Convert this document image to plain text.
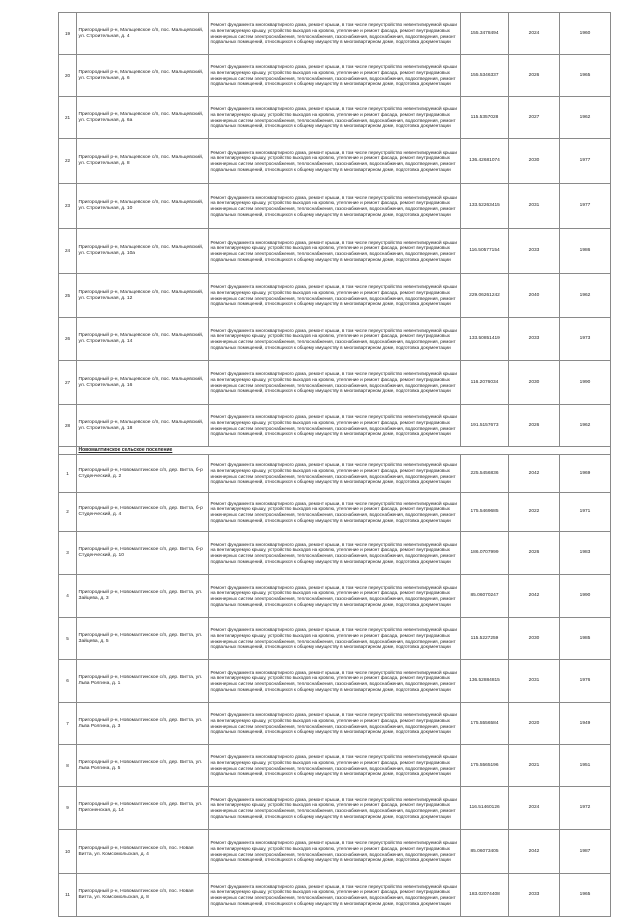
19	Пригородный р-н, Мальцевское с/п, пос. Мальцевский, ул. Строительная, д. 4	Ремонт фундамента многоквартирного дома, ремонт крыши, в том числе переустройство невентилируемой крыши на вентилируемую крышу, устройство выходов на кровлю, утепление и ремонт фасада, ремонт внутридомовых инженерных систем электроснабжения, теплоснабжения, газоснабжения, водоснабжения, водоотведения, ремонт подвальных помещений, относящихся к общему имуществу в многоквартирном доме, подготовка документации	155.3478494	2024	1960
20	Пригородный р-н, Мальцевское с/п, пос. Мальцевский, ул. Строительная, д. 6	Ремонт фундамента многоквартирного дома, ремонт крыши, в том числе переустройство невентилируемой крыши на вентилируемую крышу, устройство выходов на кровлю, утепление и ремонт фасада, ремонт внутридомовых инженерных систем электроснабжения, теплоснабжения, газоснабжения, водоснабжения, водоотведения, ремонт подвальных помещений, относящихся к общему имуществу в многоквартирном доме, подготовка документации	155.5346337	2026	1965
21	Пригородный р-н, Мальцевское с/п, пос. Мальцевский, ул. Строительная, д. 6а	Ремонт фундамента многоквартирного дома, ремонт крыши, в том числе переустройство невентилируемой крыши на вентилируемую крышу, устройство выходов на кровлю, утепление и ремонт фасада, ремонт внутридомовых инженерных систем электроснабжения, теплоснабжения, газоснабжения, водоснабжения, водоотведения, ремонт подвальных помещений, относящихся к общему имуществу в многоквартирном доме, подготовка документации	115.5357028	2027	1962
22	Пригородный р-н, Мальцевское с/п, пос. Мальцевский, ул. Строительная, д. 8	Ремонт фундамента многоквартирного дома, ремонт крыши, в том числе переустройство невентилируемой крыши на вентилируемую крышу, устройство выходов на кровлю, утепление и ремонт фасада, ремонт внутридомовых инженерных систем электроснабжения, теплоснабжения, газоснабжения, водоснабжения, водоотведения, ремонт подвальных помещений, относящихся к общему имуществу в многоквартирном доме, подготовка документации	136.42681074	2030	1977
23	Пригородный р-н, Мальцевское с/п, пос. Мальцевский, ул. Строительная, д. 10	Ремонт фундамента многоквартирного дома, ремонт крыши, в том числе переустройство невентилируемой крыши на вентилируемую крышу, устройство выходов на кровлю, утепление и ремонт фасада, ремонт внутридомовых инженерных систем электроснабжения, теплоснабжения, газоснабжения, водоснабжения, водоотведения, ремонт подвальных помещений, относящихся к общему имуществу в многоквартирном доме, подготовка документации	133.52263415	2031	1977
24	Пригородный р-н, Мальцевское с/п, пос. Мальцевский, ул. Строительная, д. 10а	Ремонт фундамента многоквартирного дома, ремонт крыши, в том числе переустройство невентилируемой крыши на вентилируемую крышу, устройство выходов на кровлю, утепление и ремонт фасада, ремонт внутридомовых инженерных систем электроснабжения, теплоснабжения, газоснабжения, водоснабжения, водоотведения, ремонт подвальных помещений, относящихся к общему имуществу в многоквартирном доме, подготовка документации	116.50577154	2033	1986
25	Пригородный р-н, Мальцевское с/п, пос. Мальцевский, ул. Строительная, д. 12	Ремонт фундамента многоквартирного дома, ремонт крыши, в том числе переустройство невентилируемой крыши на вентилируемую крышу, устройство выходов на кровлю, утепление и ремонт фасада, ремонт внутридомовых инженерных систем электроснабжения, теплоснабжения, газоснабжения, водоснабжения, водоотведения, ремонт подвальных помещений, относящихся к общему имуществу в многоквартирном доме, подготовка документации	229.06261242	2040	1962
26	Пригородный р-н, Мальцевское с/п, пос. Мальцевский, ул. Строительная, д. 14	Ремонт фундамента многоквартирного дома, ремонт крыши, в том числе переустройство невентилируемой крыши на вентилируемую крышу, устройство выходов на кровлю, утепление и ремонт фасада, ремонт внутридомовых инженерных систем электроснабжения, теплоснабжения, газоснабжения, водоснабжения, водоотведения, ремонт подвальных помещений, относящихся к общему имуществу в многоквартирном доме, подготовка документации	133.50851419	2033	1973
27	Пригородный р-н, Мальцевское с/п, пос. Мальцевский, ул. Строительная, д. 16	Ремонт фундамента многоквартирного дома, ремонт крыши, в том числе переустройство невентилируемой крыши на вентилируемую крышу, устройство выходов на кровлю, утепление и ремонт фасада, ремонт внутридомовых инженерных систем электроснабжения, теплоснабжения, газоснабжения, водоснабжения, водоотведения, ремонт подвальных помещений, относящихся к общему имуществу в многоквартирном доме, подготовка документации	116.2076034	2030	1990
28	Пригородный р-н, Мальцевское с/п, пос. Мальцевский, ул. Строительная, д. 18	Ремонт фундамента многоквартирного дома, ремонт крыши, в том числе переустройство невентилируемой крыши на вентилируемую крышу, устройство выходов на кровлю, утепление и ремонт фасада, ремонт внутридомовых инженерных систем электроснабжения, теплоснабжения, газоснабжения, водоснабжения, водоотведения, ремонт подвальных помещений, относящихся к общему имуществу в многоквартирном доме, подготовка документации	191.5157673	2026	1962
	Новомалтинское сельское поселение				
1	Пригородный р-н, Новомалтинское с/п, дер. Витта, б-р Студенческий, д. 2	Ремонт фундамента многоквартирного дома, ремонт крыши, в том числе переустройство невентилируемой крыши на вентилируемую крышу, устройство выходов на кровлю, утепление и ремонт фасада, ремонт внутридомовых инженерных систем электроснабжения, теплоснабжения, газоснабжения, водоснабжения, водоотведения, ремонт подвальных помещений, относящихся к общему имуществу в многоквартирном доме, подготовка документации	225.5456836	2042	1969
2	Пригородный р-н, Новомалтинское с/п, дер. Витта, б-р Студенческий, д. 4	Ремонт фундамента многоквартирного дома, ремонт крыши, в том числе переустройство невентилируемой крыши на вентилируемую крышу, устройство выходов на кровлю, утепление и ремонт фасада, ремонт внутридомовых инженерных систем электроснабжения, теплоснабжения, газоснабжения, водоснабжения, водоотведения, ремонт подвальных помещений, относящихся к общему имуществу в многоквартирном доме, подготовка документации	175.5469685	2022	1971
3	Пригородный р-н, Новомалтинское с/п, дер. Витта, б-р Студенческий, д. 10	Ремонт фундамента многоквартирного дома, ремонт крыши, в том числе переустройство невентилируемой крыши на вентилируемую крышу, устройство выходов на кровлю, утепление и ремонт фасада, ремонт внутридомовых инженерных систем электроснабжения, теплоснабжения, газоснабжения, водоснабжения, водоотведения, ремонт подвальных помещений, относящихся к общему имуществу в многоквартирном доме, подготовка документации	186.0707999	2026	1983
4	Пригородный р-н, Новомалтинское с/п, дер. Витта, ул. Зайцева, д. 3	Ремонт фундамента многоквартирного дома, ремонт крыши, в том числе переустройство невентилируемой крыши на вентилируемую крышу, устройство выходов на кровлю, утепление и ремонт фасада, ремонт внутридомовых инженерных систем электроснабжения, теплоснабжения, газоснабжения, водоснабжения, водоотведения, ремонт подвальных помещений, относящихся к общему имуществу в многоквартирном доме, подготовка документации	85.06070247	2042	1990
5	Пригородный р-н, Новомалтинское с/п, дер. Витта, ул. Зайцева, д. 5	Ремонт фундамента многоквартирного дома, ремонт крыши, в том числе переустройство невентилируемой крыши на вентилируемую крышу, устройство выходов на кровлю, утепление и ремонт фасада, ремонт внутридомовых инженерных систем электроснабжения, теплоснабжения, газоснабжения, водоснабжения, водоотведения, ремонт подвальных помещений, относящихся к общему имуществу в многоквартирном доме, подготовка документации	115.5227259	2030	1985
6	Пригородный р-н, Новомалтинское с/п, дер. Витта, ул. Льва Ролгина, д. 1	Ремонт фундамента многоквартирного дома, ремонт крыши, в том числе переустройство невентилируемой крыши на вентилируемую крышу, устройство выходов на кровлю, утепление и ремонт фасада, ремонт внутридомовых инженерных систем электроснабжения, теплоснабжения, газоснабжения, водоснабжения, водоотведения, ремонт подвальных помещений, относящихся к общему имуществу в многоквартирном доме, подготовка документации	136.52884815	2031	1976
7	Пригородный р-н, Новомалтинское с/п, дер. Витта, ул. Льва Ролгина, д. 3	Ремонт фундамента многоквартирного дома, ремонт крыши, в том числе переустройство невентилируемой крыши на вентилируемую крышу, устройство выходов на кровлю, утепление и ремонт фасада, ремонт внутридомовых инженерных систем электроснабжения, теплоснабжения, газоснабжения, водоснабжения, водоотведения, ремонт подвальных помещений, относящихся к общему имуществу в многоквартирном доме, подготовка документации	175.5556584	2020	1949
8	Пригородный р-н, Новомалтинское с/п, дер. Витта, ул. Льва Ролгина, д. 5	Ремонт фундамента многоквартирного дома, ремонт крыши, в том числе переустройство невентилируемой крыши на вентилируемую крышу, устройство выходов на кровлю, утепление и ремонт фасада, ремонт внутридомовых инженерных систем электроснабжения, теплоснабжения, газоснабжения, водоснабжения, водоотведения, ремонт подвальных помещений, относящихся к общему имуществу в многоквартирном доме, подготовка документации	175.5565196	2021	1951
9	Пригородный р-н, Новомалтинское с/п, дер. Витта, ул. Пригоненская, д. 14	Ремонт фундамента многоквартирного дома, ремонт крыши, в том числе переустройство невентилируемой крыши на вентилируемую крышу, устройство выходов на кровлю, утепление и ремонт фасада, ремонт внутридомовых инженерных систем электроснабжения, теплоснабжения, газоснабжения, водоснабжения, водоотведения, ремонт подвальных помещений, относящихся к общему имуществу в многоквартирном доме, подготовка документации	116.51460126	2024	1972
10	Пригородный р-н, Новомалтинское с/п, пос. Новая Витта, ул. Комсомольская, д. 4	Ремонт фундамента многоквартирного дома, ремонт крыши, в том числе переустройство невентилируемой крыши на вентилируемую крышу, устройство выходов на кровлю, утепление и ремонт фасада, ремонт внутридомовых инженерных систем электроснабжения, теплоснабжения, газоснабжения, водоснабжения, водоотведения, ремонт подвальных помещений, относящихся к общему имуществу в многоквартирном доме, подготовка документации	85.06073405	2042	1987
11	Пригородный р-н, Новомалтинское с/п, пос. Новая Витта, ул. Комсомольская, д. 8	Ремонт фундамента многоквартирного дома, ремонт крыши, в том числе переустройство невентилируемой крыши на вентилируемую крышу, устройство выходов на кровлю, утепление и ремонт фасада, ремонт внутридомовых инженерных систем электроснабжения, теплоснабжения, газоснабжения, водоснабжения, водоотведения, ремонт подвальных помещений, относящихся к общему имуществу в многоквартирном доме, подготовка документации	183.02074408	2033	1965
